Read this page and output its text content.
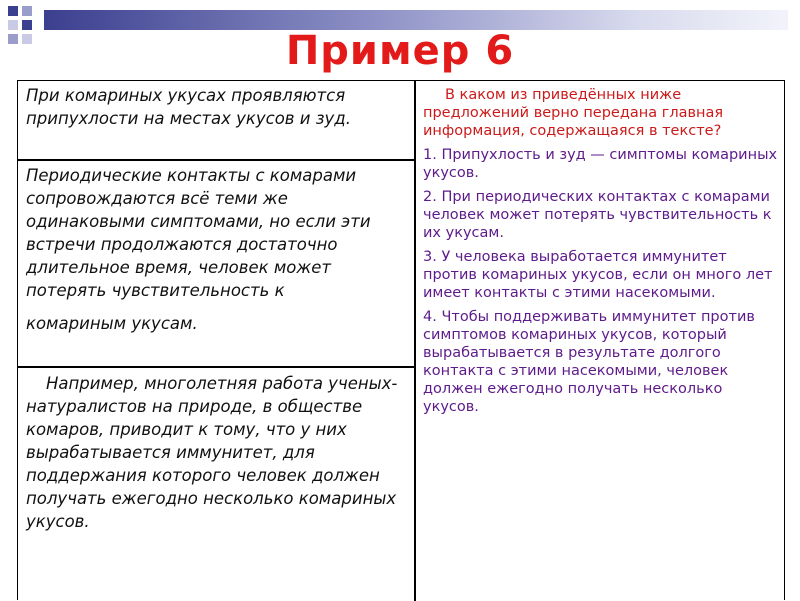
Пример 6
При комариных укусах проявляются припухлости на местах укусов и зуд.
Периодические контакты с комарами сопровождаются всё теми же одинаковыми симптомами, но если эти встречи продолжаются достаточно длительное время, человек может потерять чувствительность к
комариным укусам.
Например, многолетняя работа ученых-натуралистов на природе, в обществе комаров, приводит к тому, что у них вырабатывается иммунитет, для поддержания которого человек должен получать ежегодно несколько комариных укусов.
В каком из приведённых ниже предложений верно передана главная информация, содержащаяся в тексте?
1. Припухлость и зуд — симптомы комариных укусов.
2. При периодических контактах с комарами человек может потерять чувствительность к их укусам.
3. У человека выработается иммунитет против комариных укусов, если он много лет имеет контакты с этими насекомыми.
4. Чтобы поддерживать иммунитет против симптомов комариных укусов, который вырабатывается в результате долгого контакта с этими насекомыми, человек должен ежегодно получать несколько укусов.
